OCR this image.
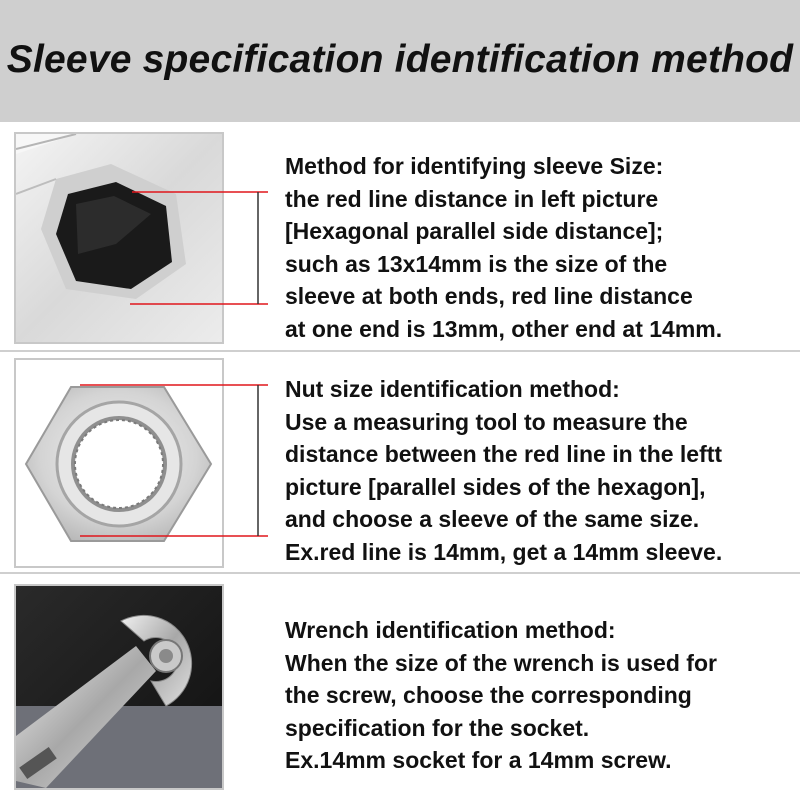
Sleeve specification identification method
Method for identifying sleeve Size:
the red line distance in left picture
[Hexagonal parallel side distance];
such as 13x14mm is the size of the
sleeve at both ends, red line distance
at one end is 13mm, other end at 14mm.
Nut size identification method:
Use a measuring tool to measure the
distance between the red line in the leftt
picture [parallel sides of the hexagon],
and choose a sleeve of the same size.
Ex.red line is 14mm, get a 14mm sleeve.
Wrench identification method:
When the size of the wrench is used for
the screw, choose the corresponding
specification for the socket.
Ex.14mm socket for a 14mm screw.
